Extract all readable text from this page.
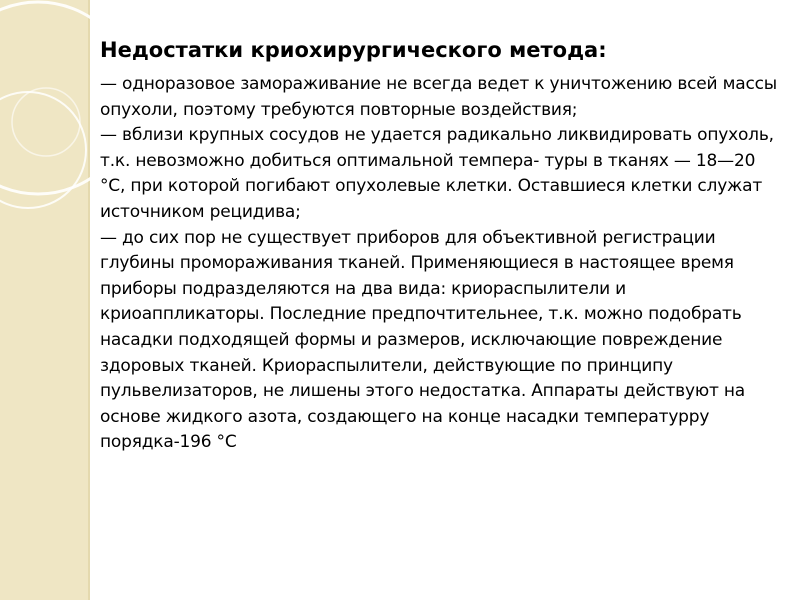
Недостатки криохирургического метода:

— одноразовое замораживание не всегда ведет к уничтожению всей массы опухоли, поэтому требуются повторные воздействия;

— вблизи крупных сосудов не удается радикально ликвидировать опухоль, т.к. невозможно добиться оптимальной темпера- туры в тканях — 18—20 °С, при которой погибают опухолевые клетки. Оставшиеся клетки служат источником рецидива;

— до сих пор не существует приборов для объективной регистрации глубины промораживания тканей. Применяющиеся в настоящее время приборы подразделяются на два вида: криораспылители и криоаппликаторы. Последние предпочтительнее, т.к. можно подобрать насадки подходящей формы и размеров, исключающие повреждение здоровых тканей. Криораспылители, действующие по принципу пульвелизаторов, не лишены этого недостатка. Аппараты действуют на основе жидкого азота, создающего на конце насадки температурру порядка-196 °С
